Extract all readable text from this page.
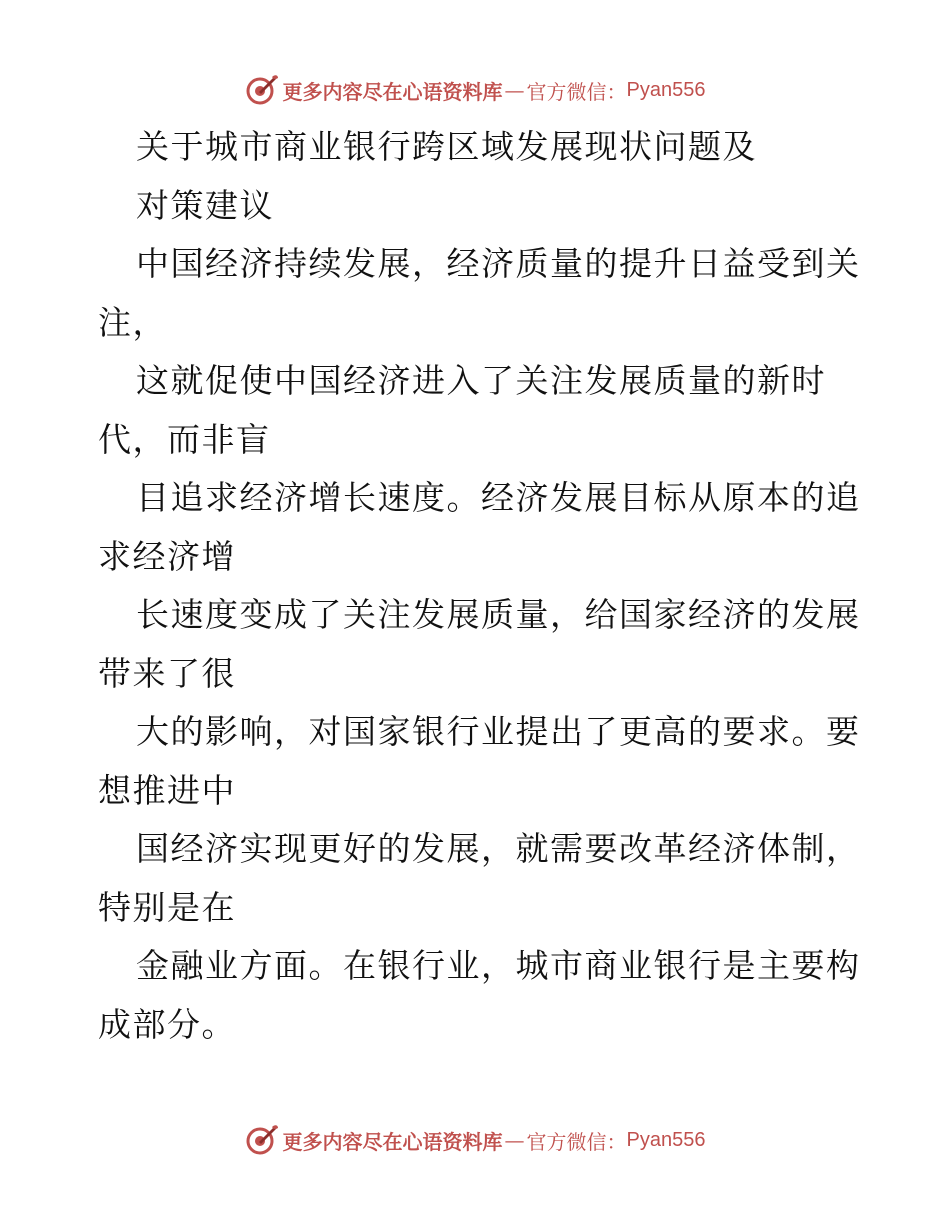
更多内容尽在心语资料库 — 官方微信： Pyan556
关于城市商业银行跨区域发展现状问题及
对策建议
中国经济持续发展，经济质量的提升日益受到关
注，
这就促使中国经济进入了关注发展质量的新时
代，而非盲
目追求经济增长速度。经济发展目标从原本的追
求经济增
长速度变成了关注发展质量，给国家经济的发展
带来了很
大的影响，对国家银行业提出了更高的要求。要
想推进中
国经济实现更好的发展，就需要改革经济体制，
特别是在
金融业方面。在银行业，城市商业银行是主要构
成部分。
更多内容尽在心语资料库 — 官方微信： Pyan556
